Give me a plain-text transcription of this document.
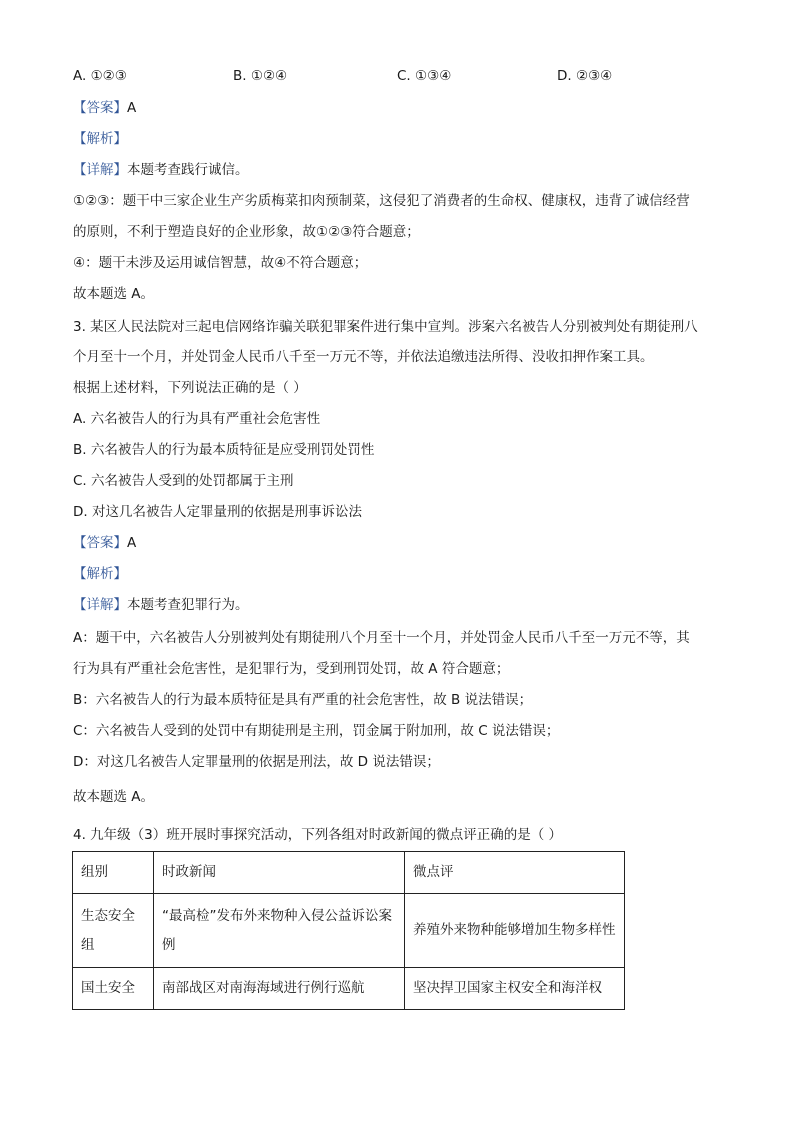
A. ①②③	B. ①②④	C. ①③④	D. ②③④
【答案】A
【解析】
【详解】本题考查践行诚信。
①②③：题干中三家企业生产劣质梅菜扣肉预制菜，这侵犯了消费者的生命权、健康权，违背了诚信经营
的原则，不利于塑造良好的企业形象，故①②③符合题意；
④：题干未涉及运用诚信智慧，故④不符合题意；
故本题选 A。
3. 某区人民法院对三起电信网络诈骗关联犯罪案件进行集中宣判。涉案六名被告人分别被判处有期徒刑八
个月至十一个月，并处罚金人民币八千至一万元不等，并依法追缴违法所得、没收扣押作案工具。
根据上述材料，下列说法正确的是（ ）
A. 六名被告人的行为具有严重社会危害性
B. 六名被告人的行为最本质特征是应受刑罚处罚性
C. 六名被告人受到的处罚都属于主刑
D. 对这几名被告人定罪量刑的依据是刑事诉讼法
【答案】A
【解析】
【详解】本题考查犯罪行为。
A：题干中，六名被告人分别被判处有期徒刑八个月至十一个月，并处罚金人民币八千至一万元不等，其
行为具有严重社会危害性，是犯罪行为，受到刑罚处罚，故 A 符合题意；
B：六名被告人的行为最本质特征是具有严重的社会危害性，故 B 说法错误；
C：六名被告人受到的处罚中有期徒刑是主刑，罚金属于附加刑，故 C 说法错误；
D：对这几名被告人定罪量刑的依据是刑法，故 D 说法错误；
故本题选 A。
4. 九年级（3）班开展时事探究活动，下列各组对时政新闻的微点评正确的是（ ）
组别	时政新闻	微点评
生态安全组	“最高检”发布外来物种入侵公益诉讼案例	养殖外来物种能够增加生物多样性
国土安全	南部战区对南海海域进行例行巡航	坚决捍卫国家主权安全和海洋权
